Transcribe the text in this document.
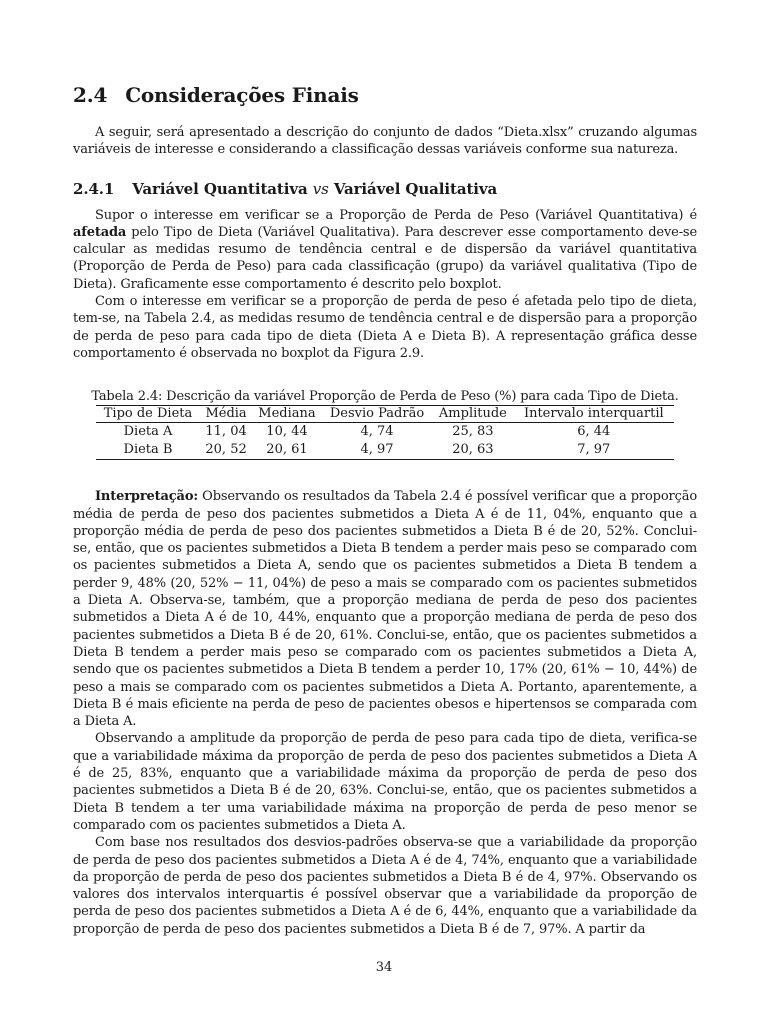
2.4 Considerações Finais

A seguir, será apresentado a descrição do conjunto de dados “Dieta.xlsx” cruzando algumas variáveis de interesse e considerando a classificação dessas variáveis conforme sua natureza.

2.4.1 Variável Quantitativa vs Variável Qualitativa

Supor o interesse em verificar se a Proporção de Perda de Peso (Variável Quantitativa) é afetada pelo Tipo de Dieta (Variável Qualitativa). Para descrever esse comportamento deve-se calcular as medidas resumo de tendência central e de dispersão da variável quantitativa (Proporção de Perda de Peso) para cada classificação (grupo) da variável qualitativa (Tipo de Dieta). Graficamente esse comportamento é descrito pelo boxplot.

Com o interesse em verificar se a proporção de perda de peso é afetada pelo tipo de dieta, tem-se, na Tabela 2.4, as medidas resumo de tendência central e de dispersão para a proporção de perda de peso para cada tipo de dieta (Dieta A e Dieta B). A representação gráfica desse comportamento é observada no boxplot da Figura 2.9.

Tabela 2.4: Descrição da variável Proporção de Perda de Peso (%) para cada Tipo de Dieta.
Tipo de Dieta	Média	Mediana	Desvio Padrão	Amplitude	Intervalo interquartil
Dieta A	11, 04	10, 44	4, 74	25, 83	6, 44
Dieta B	20, 52	20, 61	4, 97	20, 63	7, 97

Interpretação: Observando os resultados da Tabela 2.4 é possível verificar que a proporção média de perda de peso dos pacientes submetidos a Dieta A é de 11, 04%, enquanto que a proporção média de perda de peso dos pacientes submetidos a Dieta B é de 20, 52%. Conclui-se, então, que os pacientes submetidos a Dieta B tendem a perder mais peso se comparado com os pacientes submetidos a Dieta A, sendo que os pacientes submetidos a Dieta B tendem a perder 9, 48% (20, 52% − 11, 04%) de peso a mais se comparado com os pacientes submetidos a Dieta A. Observa-se, também, que a proporção mediana de perda de peso dos pacientes submetidos a Dieta A é de 10, 44%, enquanto que a proporção mediana de perda de peso dos pacientes submetidos a Dieta B é de 20, 61%. Conclui-se, então, que os pacientes submetidos a Dieta B tendem a perder mais peso se comparado com os pacientes submetidos a Dieta A, sendo que os pacientes submetidos a Dieta B tendem a perder 10, 17% (20, 61% − 10, 44%) de peso a mais se comparado com os pacientes submetidos a Dieta A. Portanto, aparentemente, a Dieta B é mais eficiente na perda de peso de pacientes obesos e hipertensos se comparada com a Dieta A.

Observando a amplitude da proporção de perda de peso para cada tipo de dieta, verifica-se que a variabilidade máxima da proporção de perda de peso dos pacientes submetidos a Dieta A é de 25, 83%, enquanto que a variabilidade máxima da proporção de perda de peso dos pacientes submetidos a Dieta B é de 20, 63%. Conclui-se, então, que os pacientes submetidos a Dieta B tendem a ter uma variabilidade máxima na proporção de perda de peso menor se comparado com os pacientes submetidos a Dieta A.

Com base nos resultados dos desvios-padrões observa-se que a variabilidade da proporção de perda de peso dos pacientes submetidos a Dieta A é de 4, 74%, enquanto que a variabilidade da proporção de perda de peso dos pacientes submetidos a Dieta B é de 4, 97%. Observando os valores dos intervalos interquartis é possível observar que a variabilidade da proporção de perda de peso dos pacientes submetidos a Dieta A é de 6, 44%, enquanto que a variabilidade da proporção de perda de peso dos pacientes submetidos a Dieta B é de 7, 97%. A partir da

34
